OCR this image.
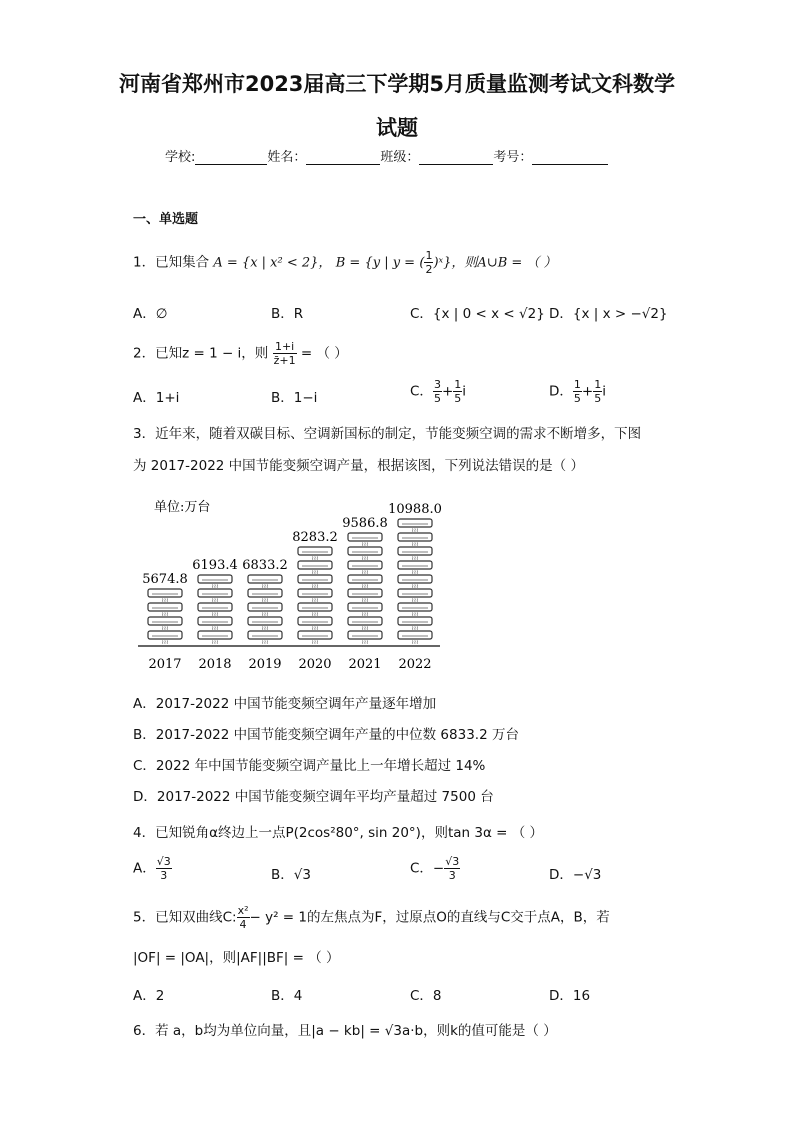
河南省郑州市2023届高三下学期5月质量监测考试文科数学
试题
学校:	姓名：	班级：	考号：
一、单选题
1．已知集合 A = {x | x² < 2}， B = {y | y = ( $\frac{1}{2}$ )ˣ}，则A∪B = （ ）
A．∅	B．R	C．{x | 0 < x < √2} D．{x | x > −√2}
2．已知z = 1 − i，则 $\frac{1+i}{z̄+1}$ = （ ）
A．1+i	B．1−i	C． $\frac{3}{5} + \frac{1}{5}$ i	D． $\frac{1}{5} + \frac{1}{5}$ i
3．近年来，随着双碳目标、空调新国标的制定，节能变频空调的需求不断增多，下图
为 2017-2022 中国节能变频空调产量，根据该图，下列说法错误的是（ ）
单位:万台
≀≀≀
≀≀≀
≀≀≀
≀≀≀
5674.8
2017
≀≀≀
≀≀≀
≀≀≀
≀≀≀
≀≀≀
6193.4
2018
≀≀≀
≀≀≀
≀≀≀
≀≀≀
≀≀≀
6833.2
2019
≀≀≀
≀≀≀
≀≀≀
≀≀≀
≀≀≀
≀≀≀
≀≀≀
8283.2
2020
≀≀≀
≀≀≀
≀≀≀
≀≀≀
≀≀≀
≀≀≀
≀≀≀
≀≀≀
9586.8
2021
≀≀≀
≀≀≀
≀≀≀
≀≀≀
≀≀≀
≀≀≀
≀≀≀
≀≀≀
≀≀≀
10988.0
2022
A．2017-2022 中国节能变频空调年产量逐年增加
B．2017-2022 中国节能变频空调年产量的中位数 6833.2 万台
C．2022 年中国节能变频空调产量比上一年增长超过 14%
D．2017-2022 中国节能变频空调年平均产量超过 7500 台
4．已知锐角α终边上一点P(2cos²80°, sin 20°)，则tan 3α = （ ）
A． $\frac{√3}{3}$	B．√3	C．− $\frac{√3}{3}$	D．−√3
5．已知双曲线C: $\frac{\text{x²}}{4} - y^2 = 1$的左焦点为F，过原点O的直线与C交于点A，B，若
|OF| = |OA|，则|AF||BF| = （ ）
A．2	B．4	C．8	D．16
6．若 a，b均为单位向量，且|a − kb| = √3a·b，则k的值可能是（ ）
